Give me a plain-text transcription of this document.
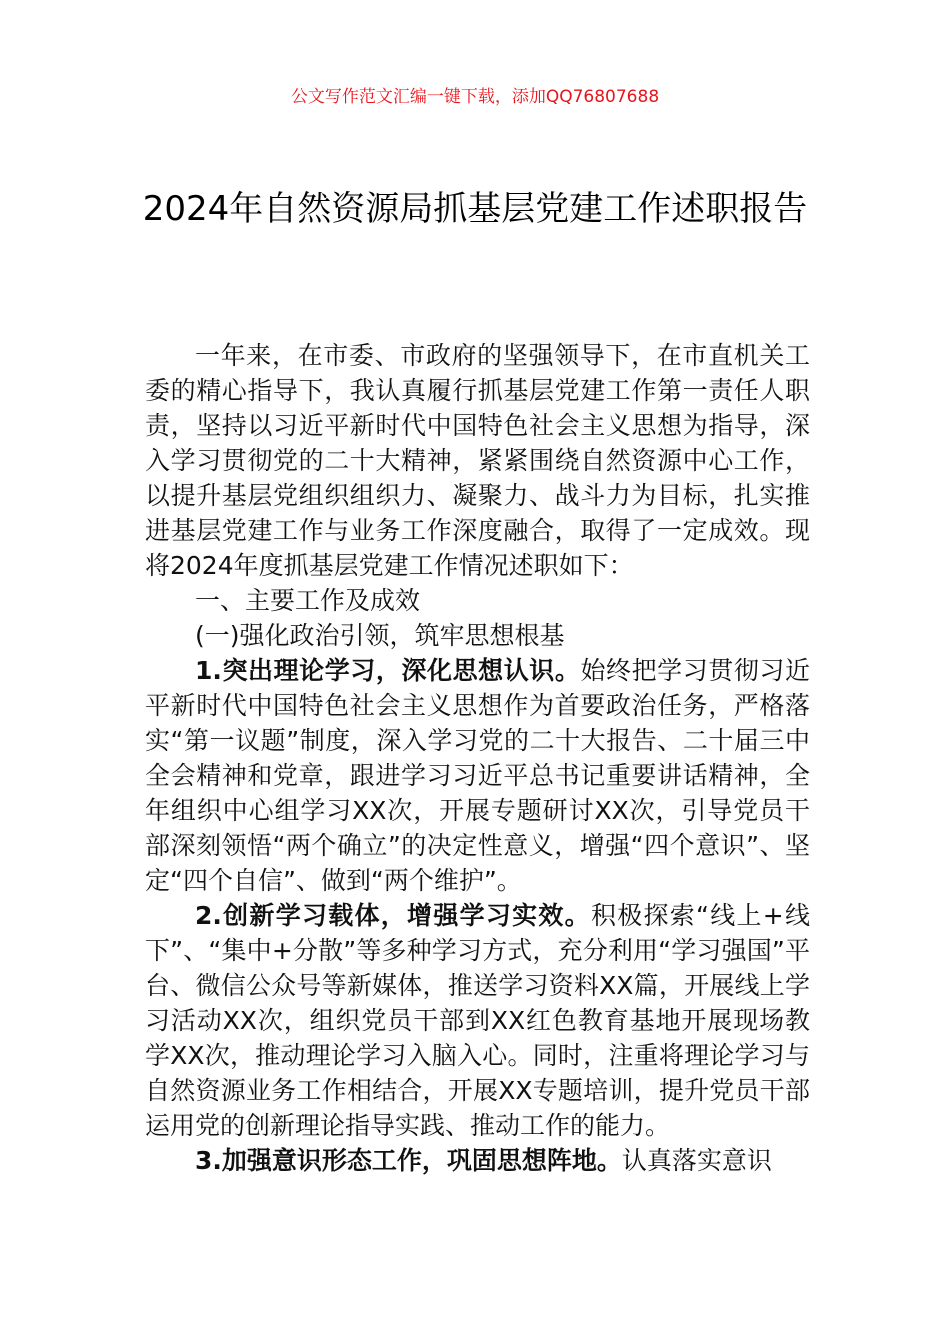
公文写作范文汇编一键下载，添加QQ76807688
2024年自然资源局抓基层党建工作述职报告

一年来，在市委、市政府的坚强领导下，在市直机关工委的精心指导下，我认真履行抓基层党建工作第一责任人职责，坚持以习近平新时代中国特色社会主义思想为指导，深入学习贯彻党的二十大精神，紧紧围绕自然资源中心工作，以提升基层党组织组织力、凝聚力、战斗力为目标，扎实推进基层党建工作与业务工作深度融合，取得了一定成效。现将2024年度抓基层党建工作情况述职如下：

一、主要工作及成效

(一)强化政治引领，筑牢思想根基

1.突出理论学习，深化思想认识。始终把学习贯彻习近平新时代中国特色社会主义思想作为首要政治任务，严格落实“第一议题”制度，深入学习党的二十大报告、二十届三中全会精神和党章，跟进学习习近平总书记重要讲话精神，全年组织中心组学习XX次，开展专题研讨XX次，引导党员干部深刻领悟“两个确立”的决定性意义，增强“四个意识”、坚定“四个自信”、做到“两个维护”。

2.创新学习载体，增强学习实效。积极探索“线上+线下”、“集中+分散”等多种学习方式，充分利用“学习强国”平台、微信公众号等新媒体，推送学习资料XX篇，开展线上学习活动XX次，组织党员干部到XX红色教育基地开展现场教学XX次，推动理论学习入脑入心。同时，注重将理论学习与自然资源业务工作相结合，开展XX专题培训，提升党员干部运用党的创新理论指导实践、推动工作的能力。

3.加强意识形态工作，巩固思想阵地。认真落实意识
